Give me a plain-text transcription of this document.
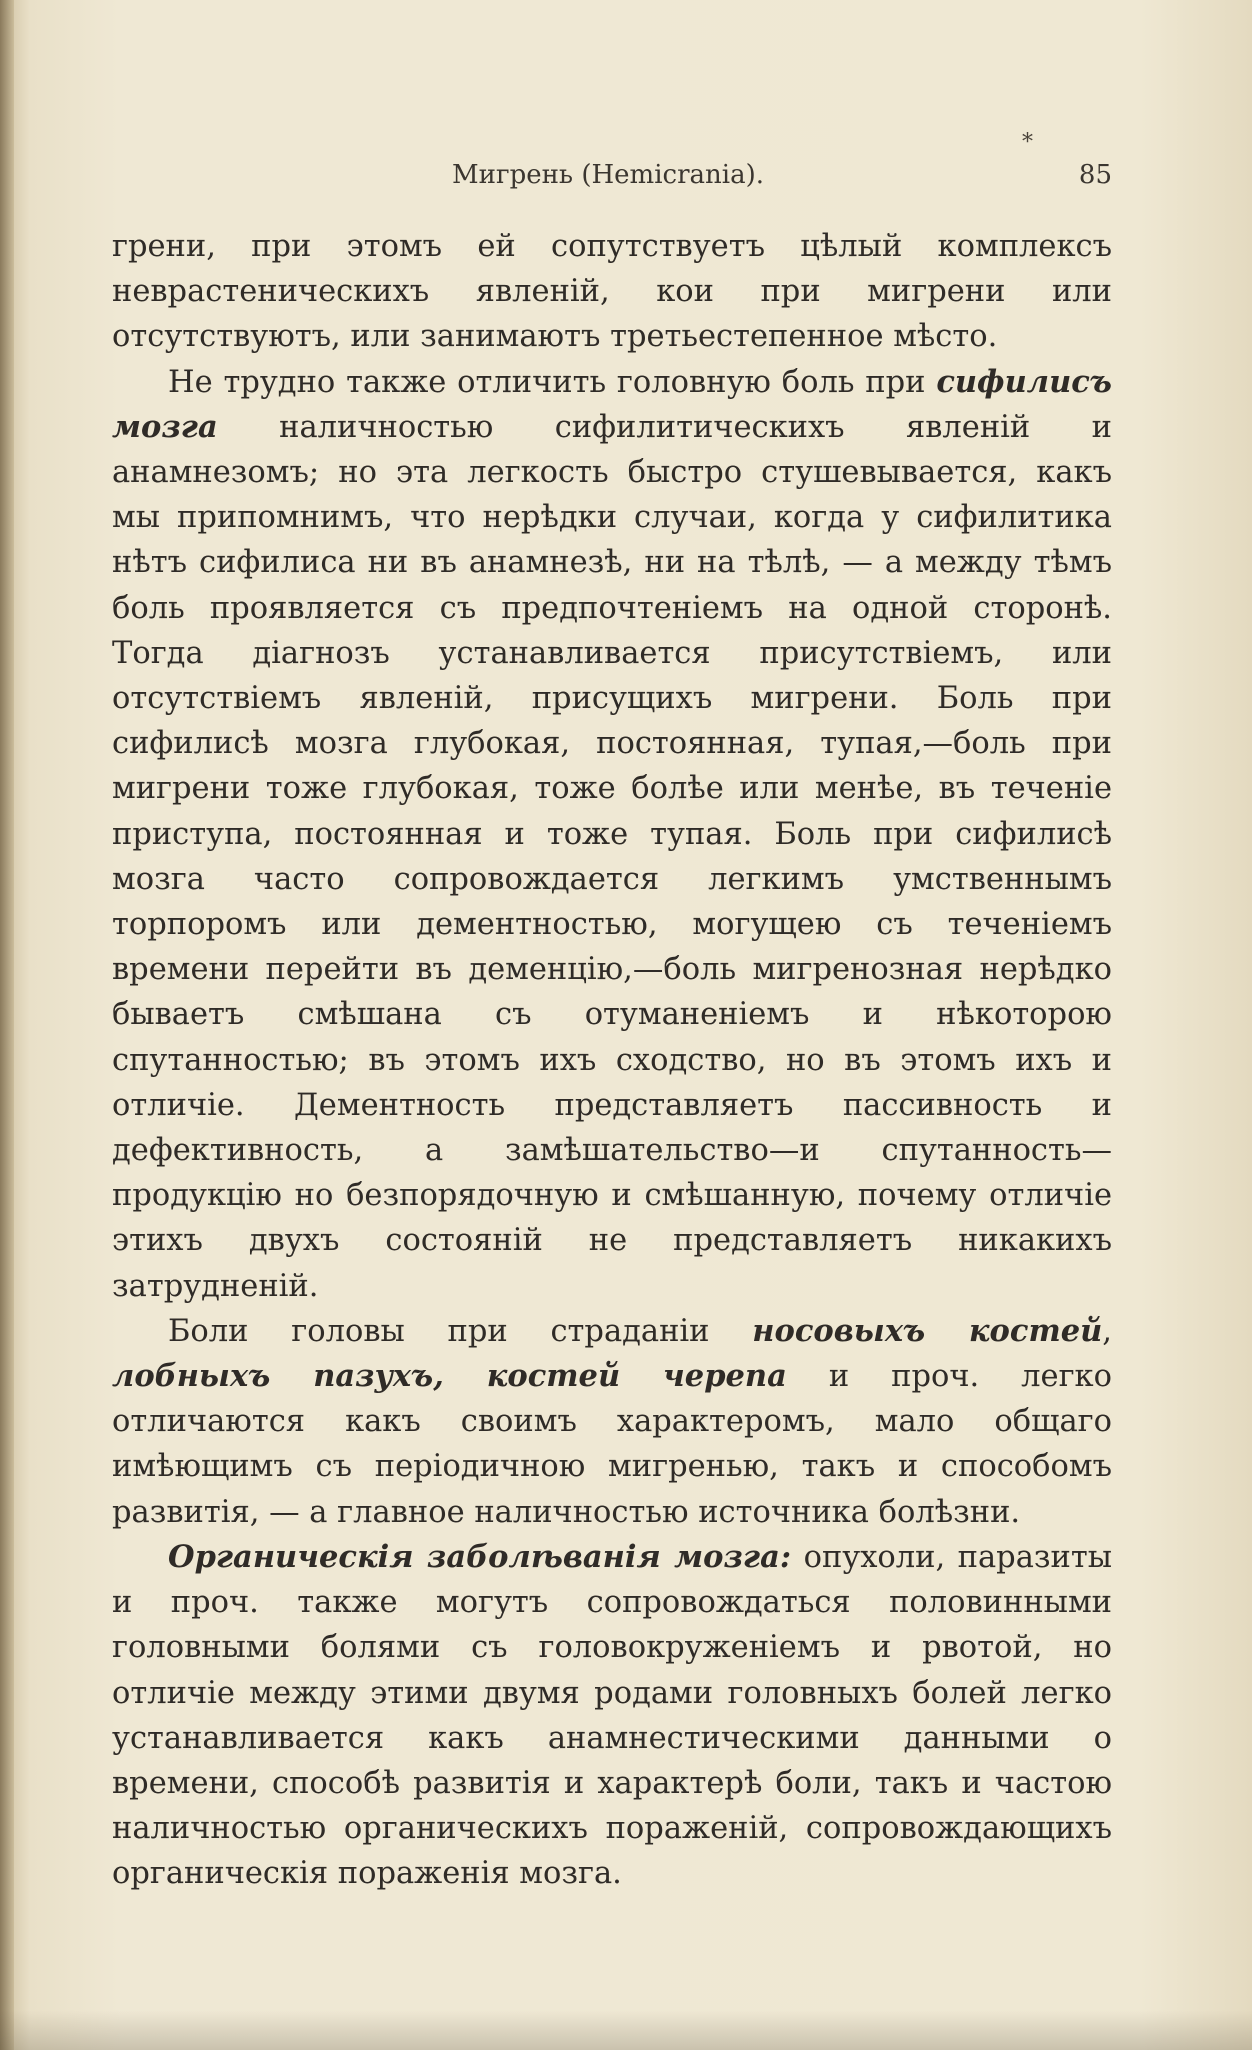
*
Мигрень (Hemicrania).	85

грени, при этомъ ей сопутствуетъ цѣлый комплексъ неврастеническихъ явленій, кои при мигрени или отсутствуютъ, или занимаютъ третьестепенное мѣсто.

Не трудно также отличить головную боль при сифилисъ мозга наличностью сифилитическихъ явленій и анамнезомъ; но эта легкость быстро стушевывается, какъ мы припомнимъ, что нерѣдки случаи, когда у сифилитика нѣтъ сифилиса ни въ анамнезѣ, ни на тѣлѣ, — а между тѣмъ боль проявляется съ предпочтеніемъ на одной сторонѣ. Тогда діагнозъ устанавливается присутствіемъ, или отсутствіемъ явленій, присущихъ мигрени. Боль при сифилисѣ мозга глубокая, постоянная, тупая,—боль при мигрени тоже глубокая, тоже болѣе или менѣе, въ теченіе приступа, постоянная и тоже тупая. Боль при сифилисѣ мозга часто сопровождается легкимъ умственнымъ торпоромъ или дементностью, могущею съ теченіемъ времени перейти въ деменцію,—боль мигренозная нерѣдко бываетъ смѣшана съ отуманеніемъ и нѣкоторою спутанностью; въ этомъ ихъ сходство, но въ этомъ ихъ и отличіе. Дементность представляетъ пассивность и дефективность, а замѣшательство—и спутанность—продукцію но безпорядочную и смѣшанную, почему отличіе этихъ двухъ состояній не представляетъ никакихъ затрудненій.

Боли головы при страданіи носовыхъ костей, лобныхъ пазухъ, костей черепа и проч. легко отличаются какъ своимъ характеромъ, мало общаго имѣющимъ съ періодичною мигренью, такъ и способомъ развитія, — а главное наличностью источника болѣзни.

Органическія заболѣванія мозга: опухоли, паразиты и проч. также могутъ сопровождаться половинными головными болями съ головокруженіемъ и рвотой, но отличіе между этими двумя родами головныхъ болей легко устанавливается какъ анамнестическими данными о времени, способѣ развитія и характерѣ боли, такъ и частою наличностью органическихъ пораженій, сопровождающихъ органическія пораженія мозга.
